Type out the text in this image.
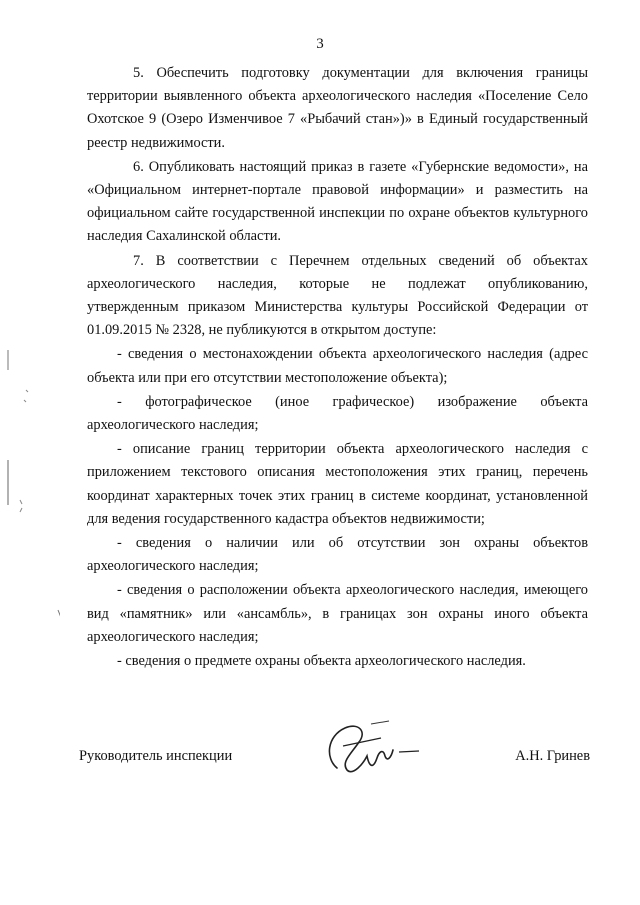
3

5. Обеспечить подготовку документации для включения границы территории выявленного объекта археологического наследия «Поселение Село Охотское 9 (Озеро Изменчивое 7 «Рыбачий стан»)» в Единый государственный реестр недвижимости.

6. Опубликовать настоящий приказ в газете «Губернские ведомости», на «Официальном интернет-портале правовой информации» и разместить на официальном сайте государственной инспекции по охране объектов культурного наследия Сахалинской области.

7. В соответствии с Перечнем отдельных сведений об объектах археологического наследия, которые не подлежат опубликованию, утвержденным приказом Министерства культуры Российской Федерации от 01.09.2015 № 2328, не публикуются в открытом доступе:

- сведения о местонахождении объекта археологического наследия (адрес объекта или при его отсутствии местоположение объекта);

- фотографическое (иное графическое) изображение объекта археологического наследия;

- описание границ территории объекта археологического наследия с приложением текстового описания местоположения этих границ, перечень координат характерных точек этих границ в системе координат, установленной для ведения государственного кадастра объектов недвижимости;

- сведения о наличии или об отсутствии зон охраны объектов археологического наследия;

- сведения о расположении объекта археологического наследия, имеющего вид «памятник» или «ансамбль», в границах зон охраны иного объекта археологического наследия;

- сведения о предмете охраны объекта археологического наследия.

Руководитель инспекции	А.Н. Гринев
